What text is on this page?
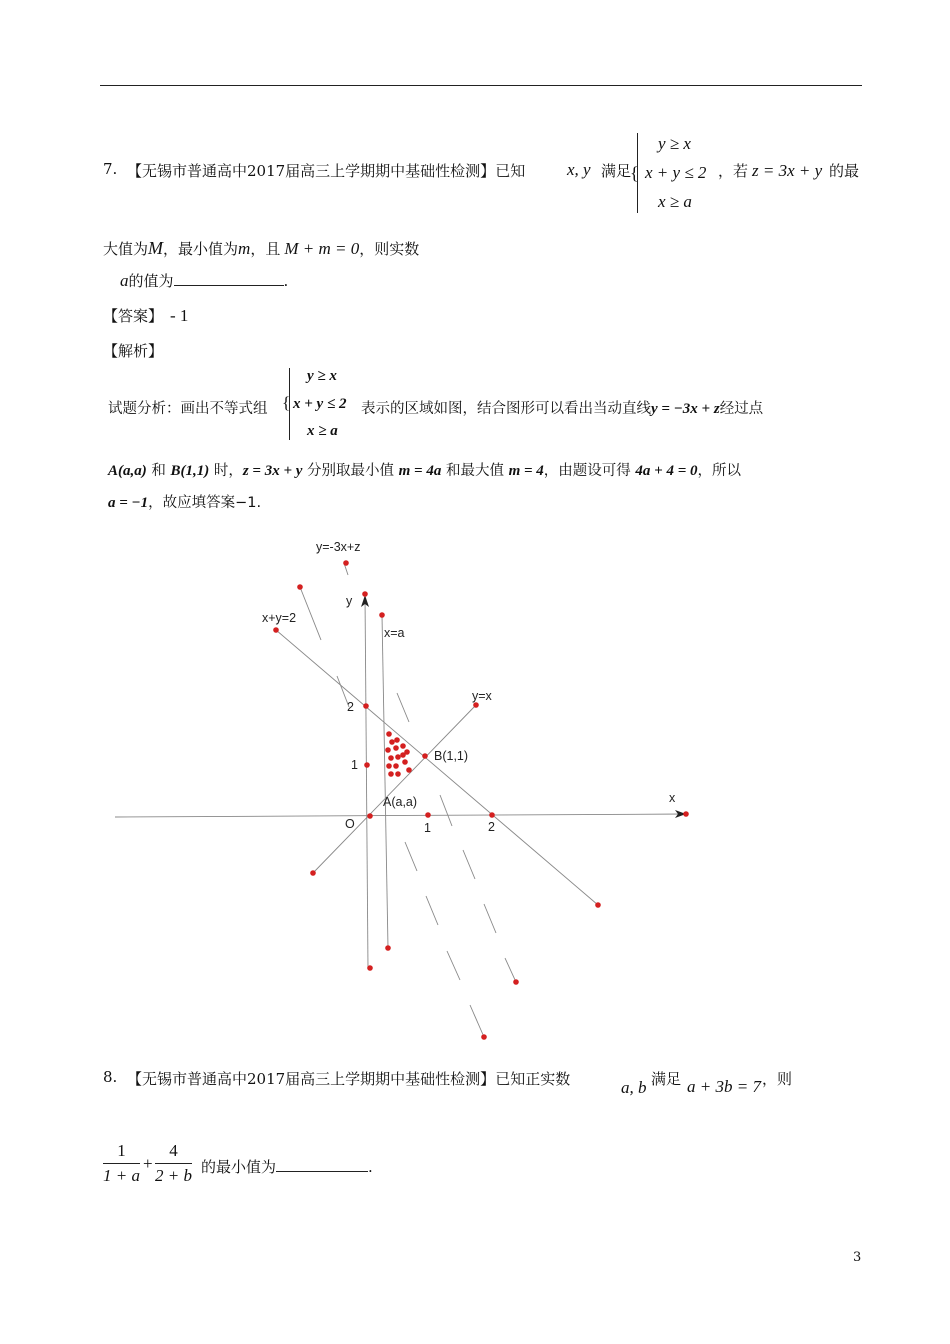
7. 【无锡市普通高中2017届高三上学期期中基础性检测】已知 x, y 满足
{
y ≥ x
x + y ≤ 2
x ≥ a
，若 z = 3x + y 的最
大值为M，最小值为m，且 M + m = 0，则实数
a的值为	.
【答案】 - 1
【解析】
试题分析：画出不等式组 {
y ≥ x
x + y ≤ 2
x ≥ a
表示的区域如图，结合图形可以看出当动直线y = −3x + z经过点
A(a,a) 和 B(1,1) 时，z = 3x + y 分别取最小值 m = 4a 和最大值 m = 4，由题设可得 4a + 4 = 0，所以
a = −1，故应填答案−1.
y=-3x+z
y
x+y=2
x=a
y=x
2
1
B(1,1)
A(a,a)	x
O	1	2
8. 【无锡市普通高中2017届高三上学期期中基础性检测】已知正实数	a, b 满足 a + 3b = 7 ，则
$\frac{1}{1 + a} + \frac{4}{2 + b}$ 的最小值为	.
3
